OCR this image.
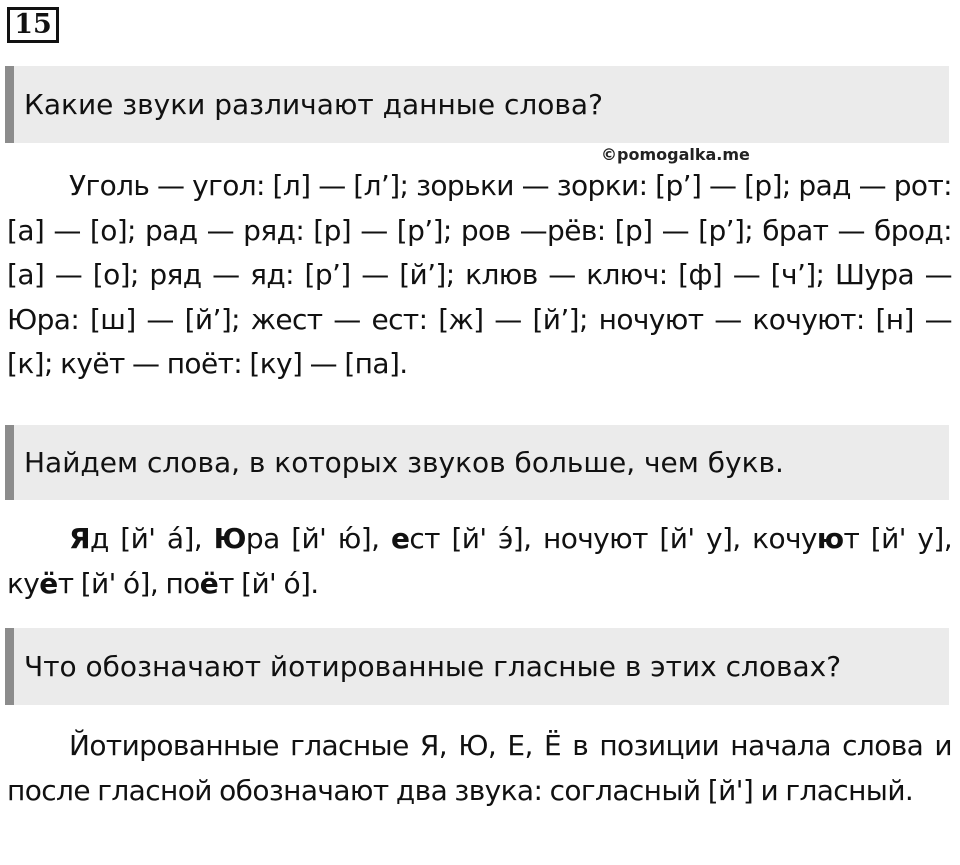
15
Какие звуки различают данные слова?
©pomogalka.me
Уголь — угол: [л] — [л’]; зорьки — зорки: [р’] — [р]; рад — рот: [а] — [о]; рад — ряд: [р] — [р’]; ров —рёв: [р] — [р’]; брат — брод: [а] — [о]; ряд — яд: [р’] — [й’]; клюв — ключ: [ф] — [ч’]; Шура — Юра: [ш] — [й’]; жест — ест: [ж] — [й’]; ночуют — кочуют: [н] — [к]; куёт — поёт: [ку] — [па].
Найдем слова, в которых звуков больше, чем букв.
Яд [й' а́], Юра [й' ю́], ест [й' э́], ночуют [й' у], кочуют [й' у], куёт [й' о́], поёт [й' о́].
Что обозначают йотированные гласные в этих словах?
Йотированные гласные Я, Ю, Е, Ё в позиции начала слова и после гласной обозначают два звука: согласный [й'] и гласный.
